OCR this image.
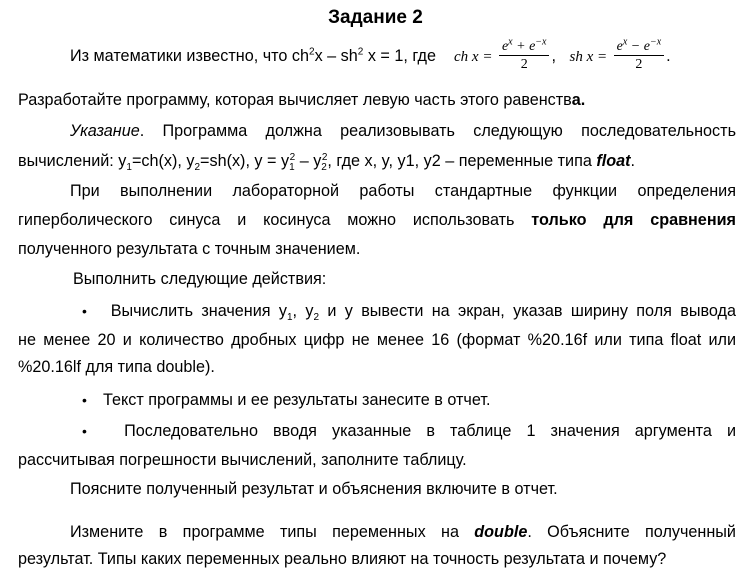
Задание 2
Из математики известно, что $ch^2x - sh^2$ x = 1, где ch $x = \frac{e^x + e^{-x}}{2}$ , sh $x = \frac{e^x - e^{-x}}{2}$ .
Разработайте программу, которая вычисляет левую часть этого равенства.
Указание. Программа должна реализовывать следующую последовательность
вычислений: $y_1=ch(x)$, $y_2=sh(x)$, $y = y_1^2 - y_2^2$, где x, y, y1, y2 – переменные типа float.
При выполнении лабораторной работы стандартные функции определения
гиперболического синуса и косинуса можно использовать только для сравнения
полученного результата с точным значением.
Выполнить следующие действия:
• Вычислить значения $y_1$, $y_2$ и y вывести на экран, указав ширину поля вывода
не менее 20 и количество дробных цифр не менее 16 (формат %20.16f или типа float или
%20.16lf для типа double).
• Текст программы и ее результаты занесите в отчет.
• Последовательно вводя указанные в таблице 1 значения аргумента и
рассчитывая погрешности вычислений, заполните таблицу.
Поясните полученный результат и объяснения включите в отчет.
Измените в программе типы переменных на double. Объясните полученный
результат. Типы каких переменных реально влияют на точность результата и почему?
